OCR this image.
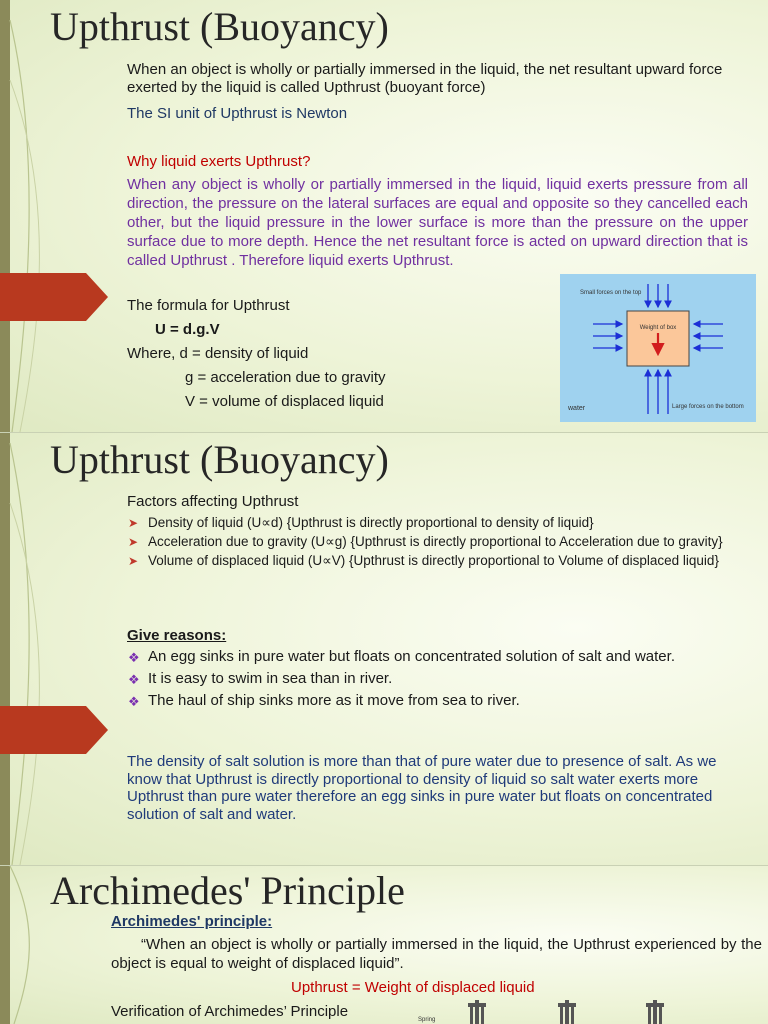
Upthrust (Buoyancy)

When an object is wholly or partially immersed in the liquid, the net resultant upward force exerted by the liquid is called Upthrust (buoyant force)

The SI unit of Upthrust is Newton

Why liquid exerts Upthrust?

When any object is wholly or partially immersed in the liquid, liquid exerts pressure from all direction, the pressure on the lateral surfaces are equal and opposite so they cancelled each other, but the liquid pressure in the lower surface is more than the pressure on the upper surface due to more depth. Hence the net resultant force is acted on upward direction that is called Upthrust . Therefore liquid exerts Upthrust.

The formula for Upthrust

U = d.g.V

Where, d = density of liquid

g = acceleration due to gravity

V = volume of displaced liquid

Small forces on the top
Weight of box
water	Large forces on the bottom
Upthrust (Buoyancy)

Factors affecting Upthrust

➤ Density of liquid (U∝d) {Upthrust is directly proportional to density of liquid}
➤ Acceleration due to gravity (U∝g) {Upthrust is directly proportional to Acceleration due to gravity}
➤ Volume of displaced liquid (U∝V) {Upthrust is directly proportional to Volume of displaced liquid}

Give reasons:

❖ An egg sinks in pure water but floats on concentrated solution of salt and water.
❖ It is easy to swim in sea than in river.
❖ The haul of ship sinks more as it move from sea to river.

The density of salt solution is more than that of pure water due to presence of salt. As we know that Upthrust is directly proportional to density of liquid so salt water exerts more Upthrust than pure water therefore an egg sinks in pure water but floats on concentrated solution of salt and water.

Archimedes' Principle

Archimedes' principle:

“When an object is wholly or partially immersed in the liquid, the Upthrust experienced by the object is equal to weight of displaced liquid”.

Upthrust = Weight of displaced liquid

Verification of Archimedes’ Principle	Spring
